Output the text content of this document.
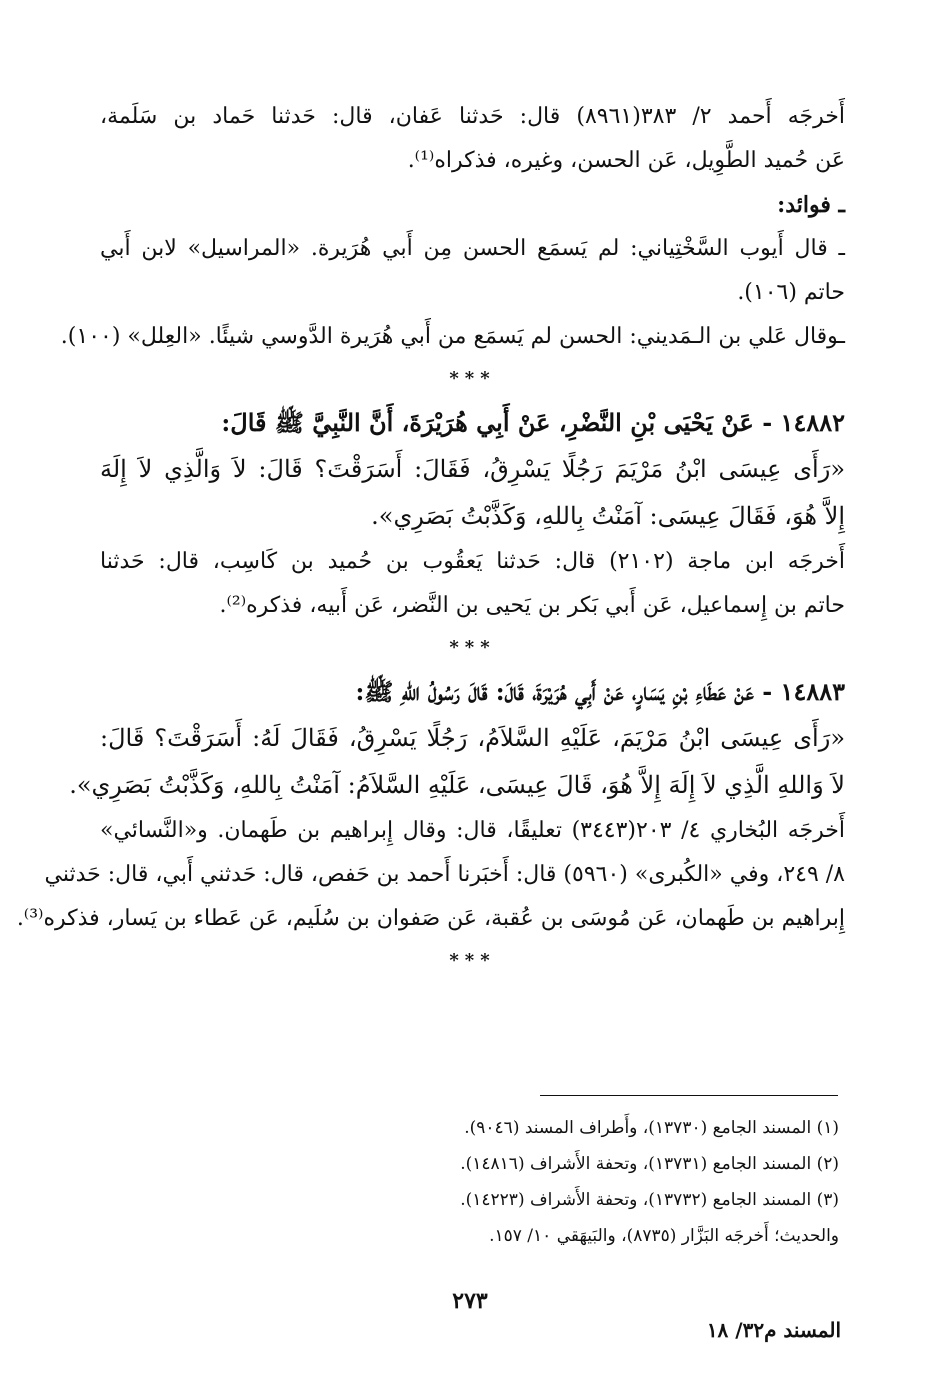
أَخرجَه أَحمد ٢/ ٣٨٣(٨٩٦١) قال: حَدثنا عَفان، قال: حَدثنا حَماد بن سَلَمة،
عَن حُميد الطَّوِيل، عَن الحسن، وغيره، فذكراه⁽¹⁾.
ـ فوائد:
ـ قال أَيوب السَّخْتِياني: لم يَسمَع الحسن مِن أَبي هُرَيرة. «المراسيل» لابن أَبي
حاتم (١٠٦).
ـوقال عَلي بن الـمَديني: الحسن لم يَسمَع من أَبي هُرَيرة الدَّوسي شيئًا. «العِلل» (١٠٠).
***
١٤٨٨٢ - عَنْ يَحْيَى بْنِ النَّضْرِ، عَنْ أَبِي هُرَيْرَةَ، أَنَّ النَّبِيَّ ﷺ قَالَ:
«رَأَى عِيسَى ابْنُ مَرْيَمَ رَجُلًا يَسْرِقُ، فَقَالَ: أَسَرَقْتَ؟ قَالَ: لاَ وَالَّذِي لاَ إِلَهَ
إِلاَّ هُوَ، فَقَالَ عِيسَى: آمَنْتُ بِاللهِ، وَكَذَّبْتُ بَصَرِي».
أَخرجَه ابن ماجة (٢١٠٢) قال: حَدثنا يَعقُوب بن حُميد بن كَاسِب، قال: حَدثنا
حاتم بن إِسماعيل، عَن أَبي بَكر بن يَحيى بن النَّضر، عَن أَبيه، فذكره⁽²⁾.
***
١٤٨٨٣ - عَنْ عَطَاءِ بْنِ يَسَارٍ، عَنْ أَبِي هُرَيْرَةَ، قَالَ: قَالَ رَسُولُ اللهِ ﷺ:
«رَأَى عِيسَى ابْنُ مَرْيَمَ، عَلَيْهِ السَّلاَمُ، رَجُلًا يَسْرِقُ، فَقَالَ لَهُ: أَسَرَقْتَ؟ قَالَ:
لاَ وَاللهِ الَّذِي لاَ إِلَهَ إِلاَّ هُوَ، قَالَ عِيسَى، عَلَيْهِ السَّلاَمُ: آمَنْتُ بِاللهِ، وَكَذَّبْتُ بَصَرِي».
أَخرجَه البُخاري ٤/ ٢٠٣(٣٤٤٣) تعليقًا، قال: وقال إِبراهيم بن طَهمان. و«النَّسائي»
٨/ ٢٤٩، وفي «الكُبرى» (٥٩٦٠) قال: أَخبَرنا أَحمد بن حَفص، قال: حَدثني أَبي، قال: حَدثني
إِبراهيم بن طَهمان، عَن مُوسَى بن عُقبة، عَن صَفوان بن سُلَيم، عَن عَطاء بن يَسار، فذكره⁽³⁾.
***
(١) المسند الجامع (١٣٧٣٠)، وأَطراف المسند (٩٠٤٦).
(٢) المسند الجامع (١٣٧٣١)، وتحفة الأَشراف (١٤٨١٦).
(٣) المسند الجامع (١٣٧٣٢)، وتحفة الأَشراف (١٤٢٢٣).
والحديث؛ أَخرجَه البَزَّار (٨٧٣٥)، والبَيهَقي ١٠/ ١٥٧.
٢٧٣
المسند م٣٢/ ١٨
